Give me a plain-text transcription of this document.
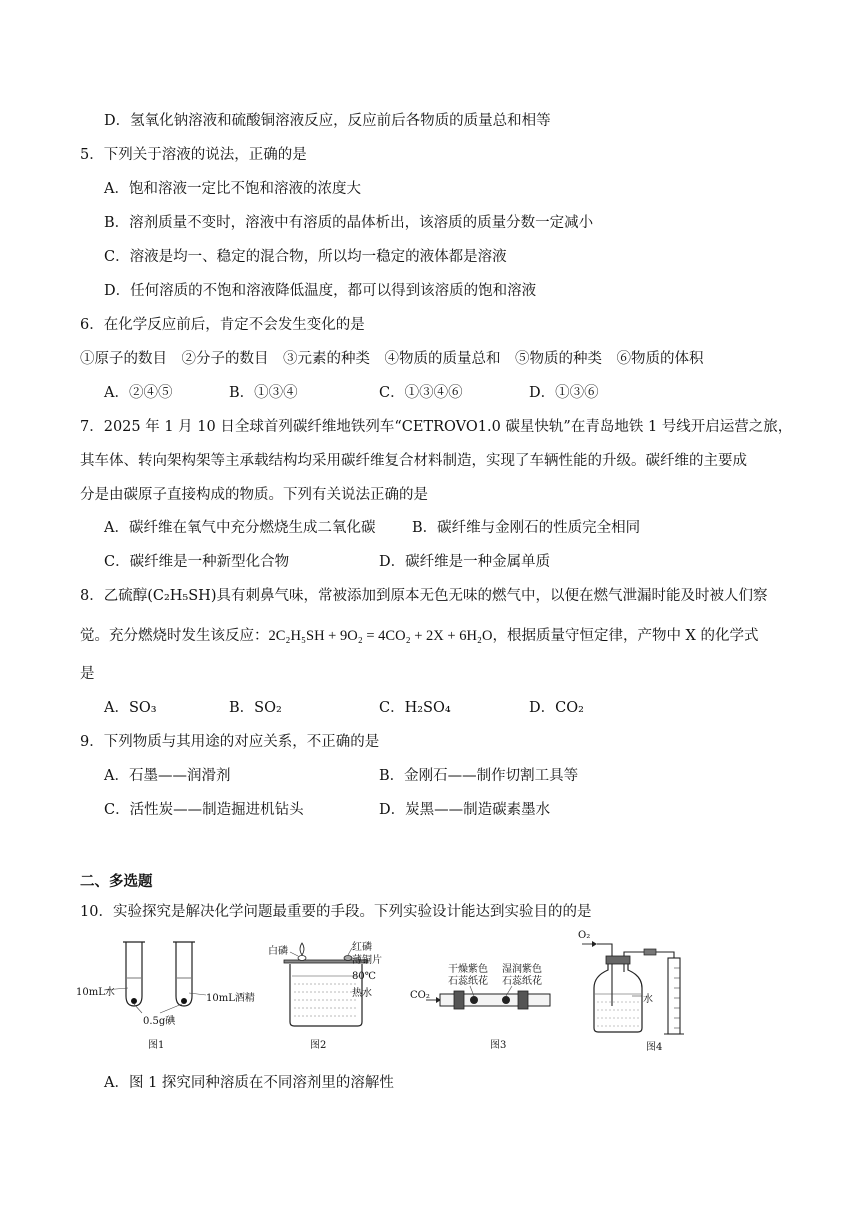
D．氢氧化钠溶液和硫酸铜溶液反应，反应前后各物质的质量总和相等
5．下列关于溶液的说法，正确的是
A．饱和溶液一定比不饱和溶液的浓度大
B．溶剂质量不变时，溶液中有溶质的晶体析出，该溶质的质量分数一定减小
C．溶液是均一、稳定的混合物，所以均一稳定的液体都是溶液
D．任何溶质的不饱和溶液降低温度，都可以得到该溶质的饱和溶液
6．在化学反应前后，肯定不会发生变化的是
①原子的数目　②分子的数目　③元素的种类　④物质的质量总和　⑤物质的种类　⑥物质的体积
A．②④⑤	B．①③④	C．①③④⑥	D．①③⑥
7．2025 年 1 月 10 日全球首列碳纤维地铁列车“CETROVO1.0 碳星快轨”在青岛地铁 1 号线开启运营之旅，
其车体、转向架构架等主承载结构均采用碳纤维复合材料制造，实现了车辆性能的升级。碳纤维的主要成
分是由碳原子直接构成的物质。下列有关说法正确的是
A．碳纤维在氧气中充分燃烧生成二氧化碳	B．碳纤维与金刚石的性质完全相同
C．碳纤维是一种新型化合物	D．碳纤维是一种金属单质
8．乙硫醇(C₂H₅SH)具有刺鼻气味，常被添加到原本无色无味的燃气中，以便在燃气泄漏时能及时被人们察
觉。充分燃烧时发生该反应：2C₂H₅SH + 9O₂ = 4CO₂ + 2X + 6H₂O，根据质量守恒定律，产物中 X 的化学式
是
A．SO₃	B．SO₂	C．H₂SO₄	D．CO₂
9．下列物质与其用途的对应关系，不正确的是
A．石墨——润滑剂	B．金刚石——制作切割工具等
C．活性炭——制造掘进机钻头	D．炭黑——制造碳素墨水
二、多选题
10．实验探究是解决化学问题最重要的手段。下列实验设计能达到实验目的的是
10mL水
10mL酒精
0.5g碘
图1
白磷	红磷
薄铜片
80℃
热水
图2
CO₂
干燥紫色
石蕊纸花
湿润紫色
石蕊纸花
图3
O₂
水
图4
A．图 1 探究同种溶质在不同溶剂里的溶解性
